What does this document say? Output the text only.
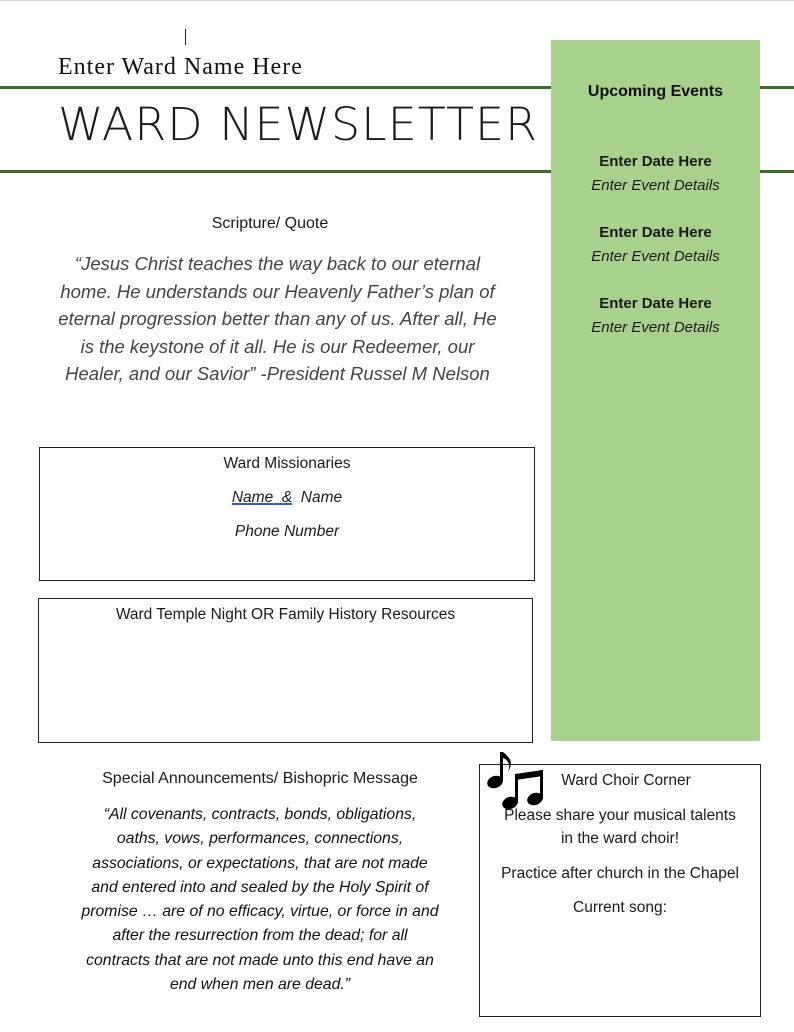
Enter Ward Name Here
WARD NEWSLETTER
Upcoming Events
Enter Date Here
Enter Event Details
Enter Date Here
Enter Event Details
Enter Date Here
Enter Event Details
Scripture/ Quote
“Jesus Christ teaches the way back to our eternal
home. He understands our Heavenly Father’s plan of
eternal progression better than any of us. After all, He
is the keystone of it all. He is our Redeemer, our
Healer, and our Savior” -President Russel M Nelson
Ward Missionaries
Name & Name
Phone Number
Ward Temple Night OR Family History Resources
Special Announcements/ Bishopric Message
“All covenants, contracts, bonds, obligations,
oaths, vows, performances, connections,
associations, or expectations, that are not made
and entered into and sealed by the Holy Spirit of
promise … are of no efficacy, virtue, or force in and
after the resurrection from the dead; for all
contracts that are not made unto this end have an
end when men are dead.”
Ward Choir Corner
Please share your musical talents
in the ward choir!
Practice after church in the Chapel
Current song:
